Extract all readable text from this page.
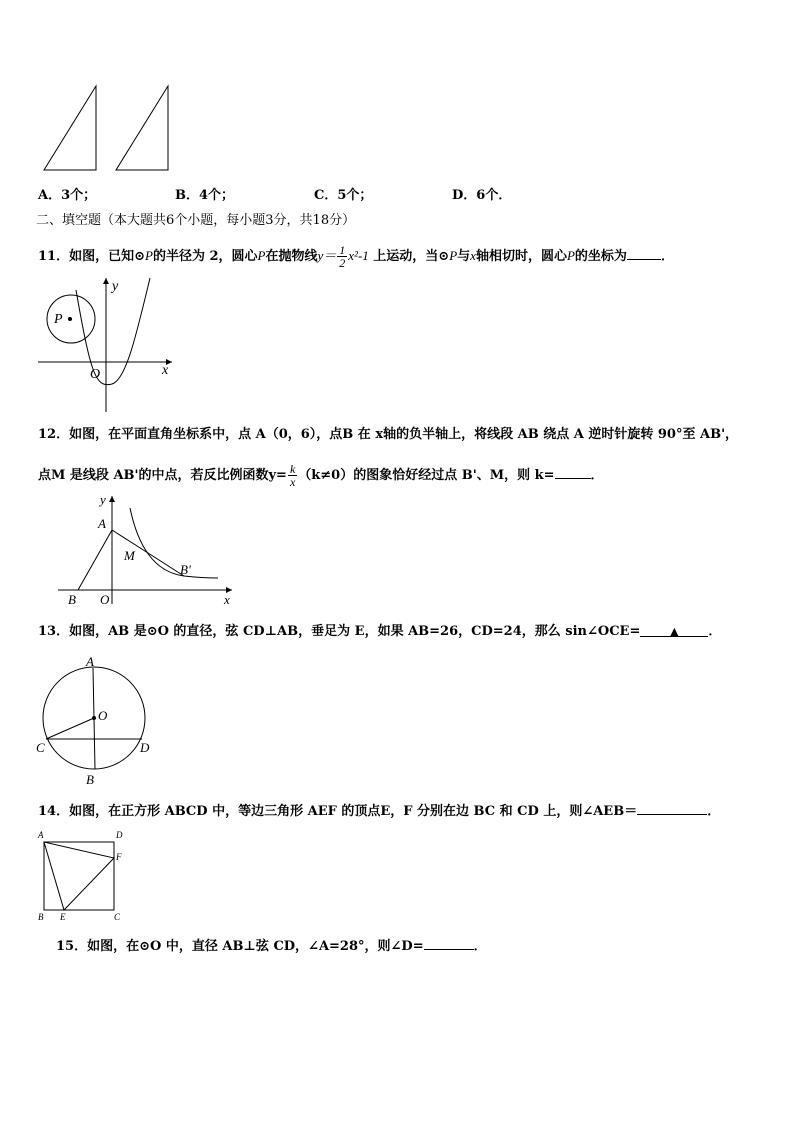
A．3个；	B．4个；	C．5个；	D．6个．
二、填空题（本大题共6个小题，每小题3分，共18分）
11．如图，已知⊙P的半径为 2，圆心P在抛物线$y= \frac{1}{2} x^2-1$ 上运动，当⊙P与x轴相切时，圆心P的坐标为	．
y
P
O	x
12．如图，在平面直角坐标系中，点 A（0，6），点B 在 x轴的负半轴上，将线段 AB 绕点 A 逆时针旋转 90°至 AB'，
点M 是线段 AB'的中点，若反比例函数$y= \frac{k}{x} (k\ne 0)$的图象恰好经过点 B'、M，则 k=	．
y
A
M
B'
B O	x
13．如图，AB 是⊙O 的直径，弦 CD⊥AB，垂足为 E，如果 AB=26，CD=24，那么 sin∠OCE=	▲ ．
A
O
C	D
B
14．如图，在正方形 ABCD 中，等边三角形 AEF 的顶点E，F 分别在边 BC 和 CD 上，则∠AEB＝	．
A	D
F
B E	C
15．如图，在⊙O 中，直径 AB⊥弦 CD，∠A=28°，则∠D=	．
